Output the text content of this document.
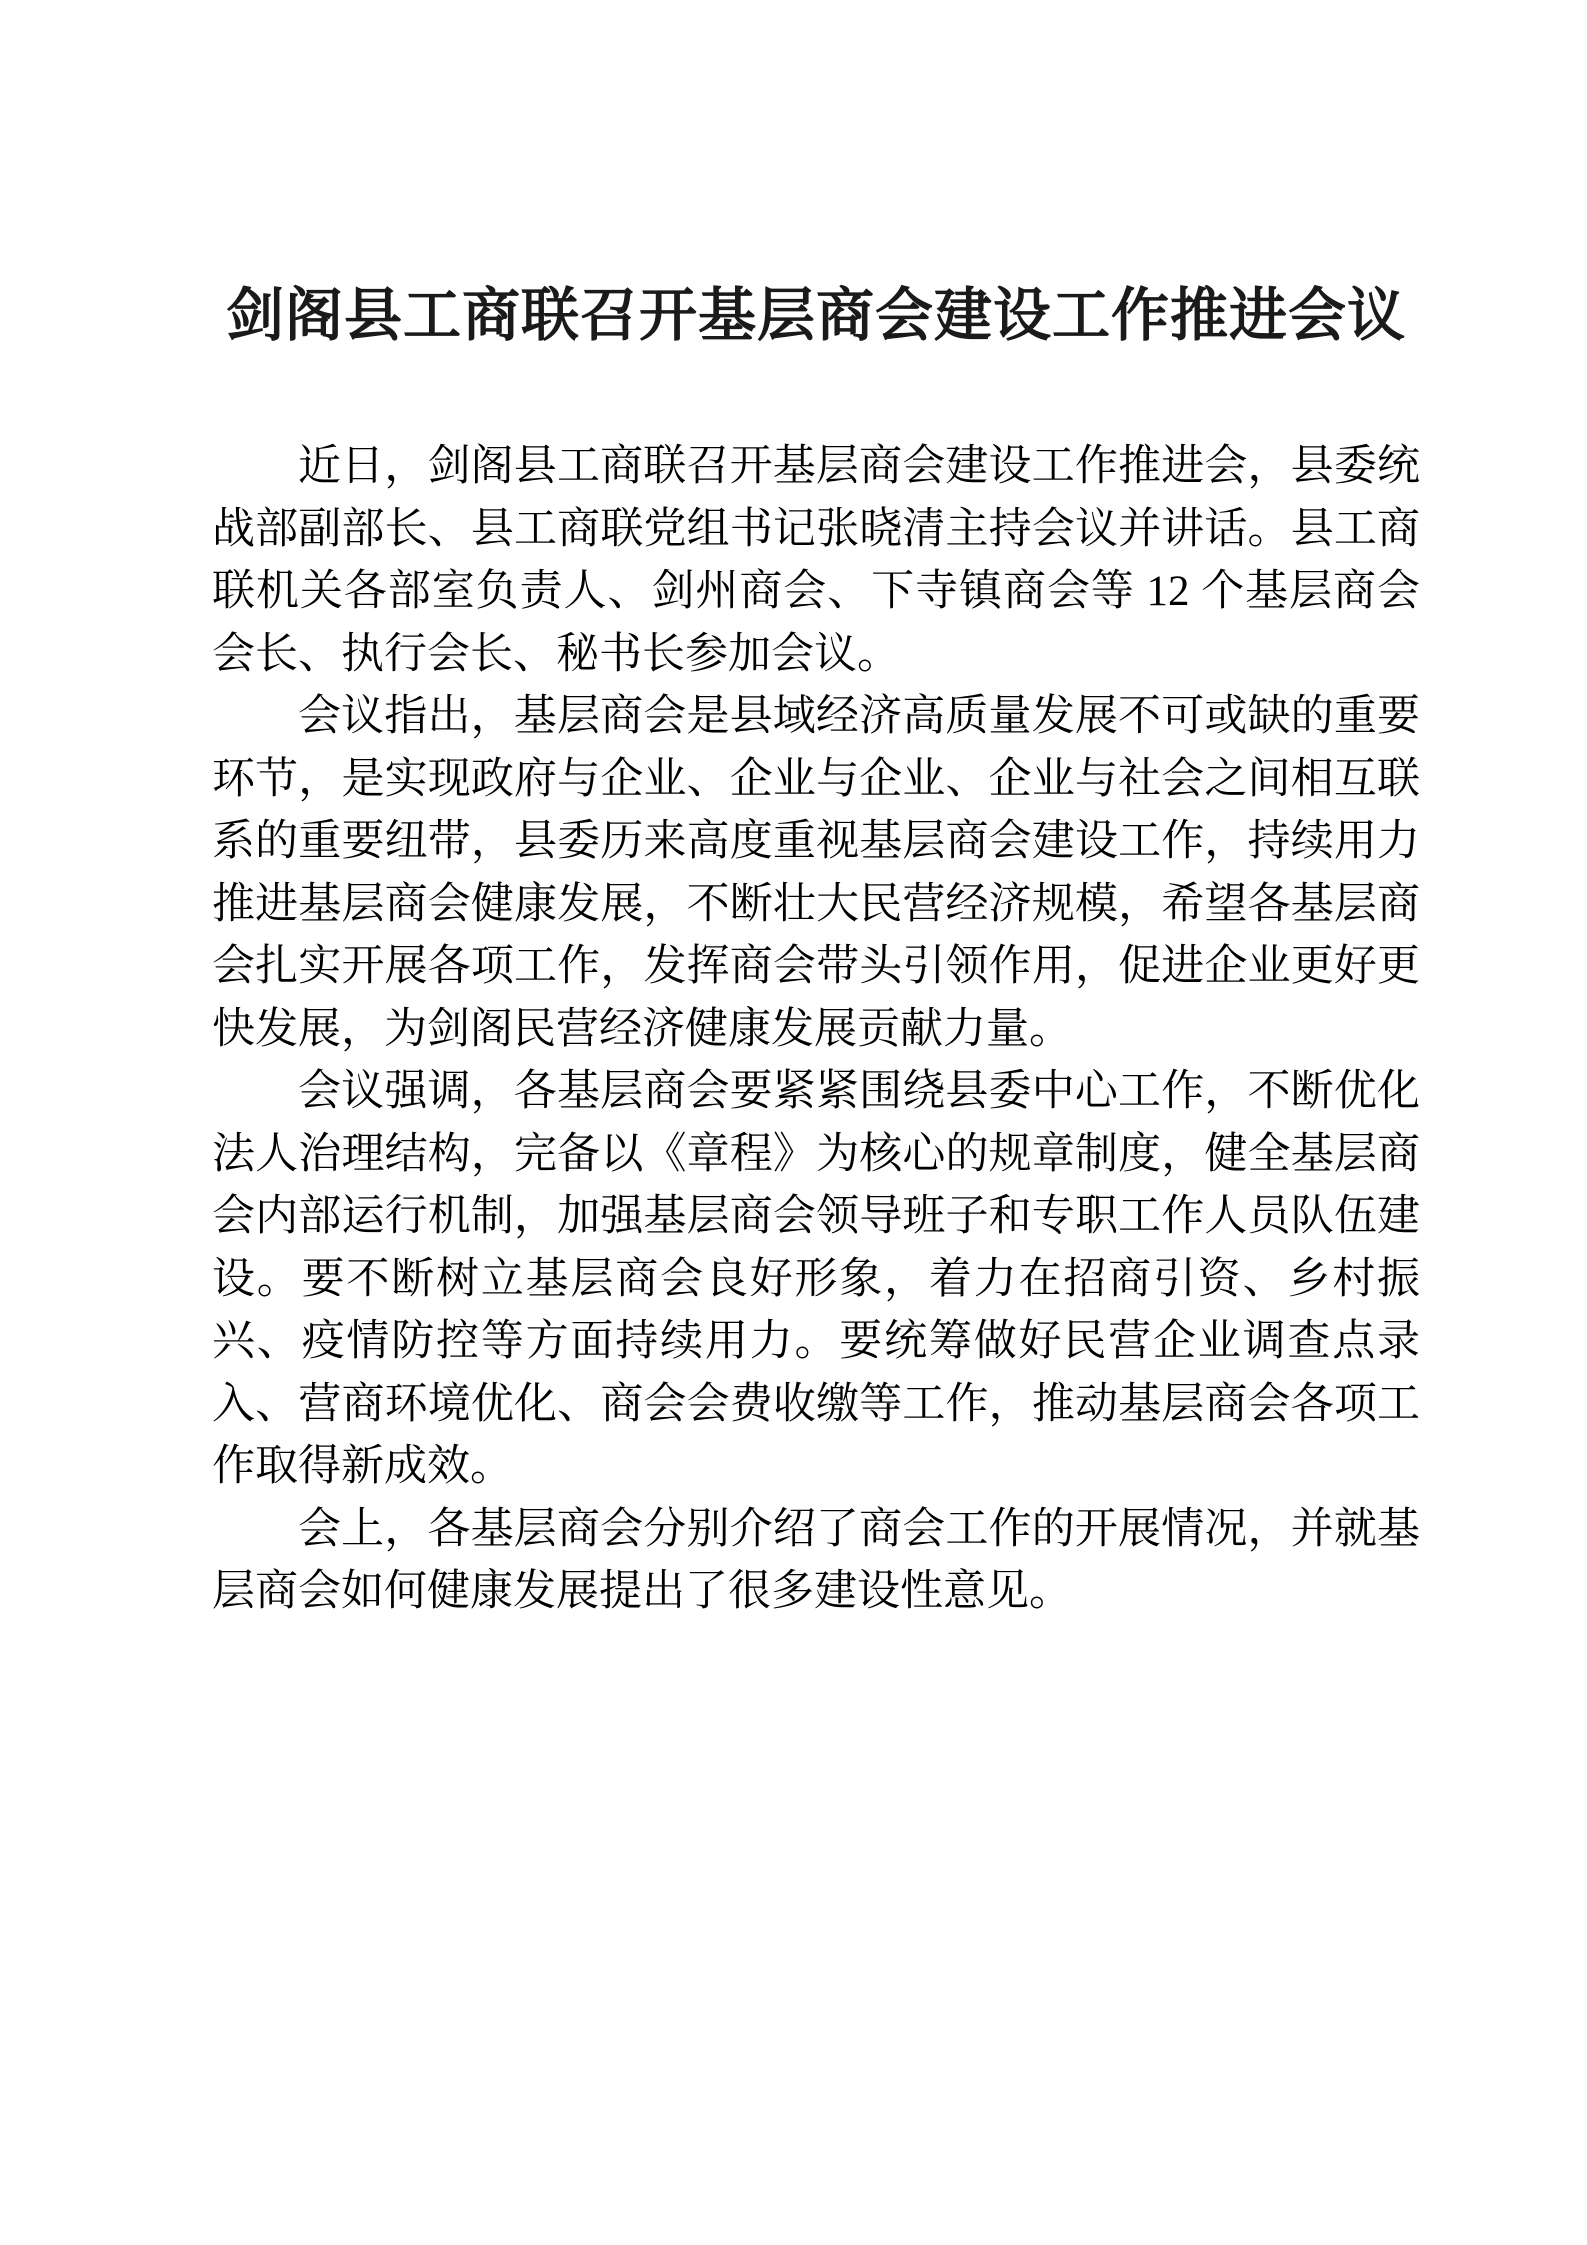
剑阁县工商联召开基层商会建设工作推进会议

近日，剑阁县工商联召开基层商会建设工作推进会，县委统战部副部长、县工商联党组书记张晓清主持会议并讲话。县工商联机关各部室负责人、剑州商会、下寺镇商会等 12 个基层商会会长、执行会长、秘书长参加会议。

会议指出，基层商会是县域经济高质量发展不可或缺的重要环节，是实现政府与企业、企业与企业、企业与社会之间相互联系的重要纽带，县委历来高度重视基层商会建设工作，持续用力推进基层商会健康发展，不断壮大民营经济规模，希望各基层商会扎实开展各项工作，发挥商会带头引领作用，促进企业更好更快发展，为剑阁民营经济健康发展贡献力量。

会议强调，各基层商会要紧紧围绕县委中心工作，不断优化法人治理结构，完备以《章程》为核心的规章制度，健全基层商会内部运行机制，加强基层商会领导班子和专职工作人员队伍建设。要不断树立基层商会良好形象，着力在招商引资、乡村振兴、疫情防控等方面持续用力。要统筹做好民营企业调查点录入、营商环境优化、商会会费收缴等工作，推动基层商会各项工作取得新成效。

会上，各基层商会分别介绍了商会工作的开展情况，并就基层商会如何健康发展提出了很多建设性意见。
